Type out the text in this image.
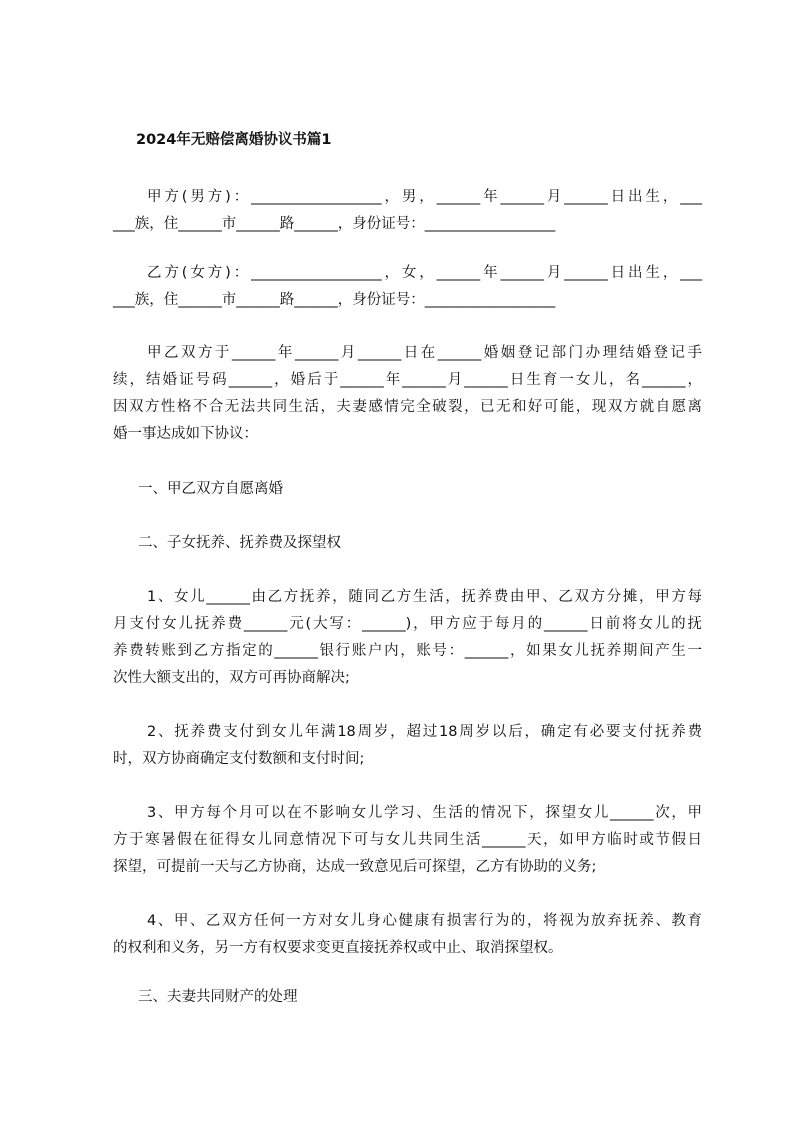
2024年无赔偿离婚协议书篇1
甲方(男方)：__________________，男，______年______月______日出生，___
___族，住______市______路______，身份证号：__________________
乙方(女方)：__________________，女，______年______月______日出生，___
___族，住______市______路______，身份证号：__________________
甲乙双方于______年______月______日在______婚姻登记部门办理结婚登记手
续，结婚证号码______，婚后于______年______月______日生育一女儿，名______，
因双方性格不合无法共同生活，夫妻感情完全破裂，已无和好可能，现双方就自愿离
婚一事达成如下协议：
一、甲乙双方自愿离婚
二、子女抚养、抚养费及探望权
1、女儿______由乙方抚养，随同乙方生活，抚养费由甲、乙双方分摊，甲方每
月支付女儿抚养费______元(大写：______)，甲方应于每月的______日前将女儿的抚
养费转账到乙方指定的______银行账户内，账号：______，如果女儿抚养期间产生一
次性大额支出的，双方可再协商解决;
2、抚养费支付到女儿年满18周岁，超过18周岁以后，确定有必要支付抚养费
时，双方协商确定支付数额和支付时间;
3、甲方每个月可以在不影响女儿学习、生活的情况下，探望女儿______次，甲
方于寒暑假在征得女儿同意情况下可与女儿共同生活______天，如甲方临时或节假日
探望，可提前一天与乙方协商，达成一致意见后可探望，乙方有协助的义务;
4、甲、乙双方任何一方对女儿身心健康有损害行为的，将视为放弃抚养、教育
的权利和义务，另一方有权要求变更直接抚养权或中止、取消探望权。
三、夫妻共同财产的处理
